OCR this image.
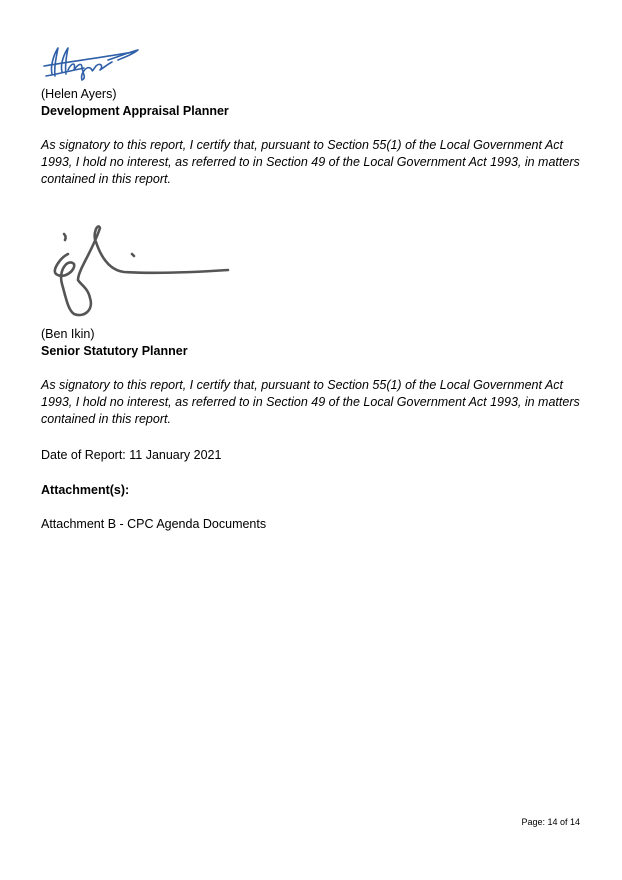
(Helen Ayers)
Development Appraisal Planner
As signatory to this report, I certify that, pursuant to Section 55(1) of the Local Government Act 1993, I hold no interest, as referred to in Section 49 of the Local Government Act 1993, in matters contained in this report.
(Ben Ikin)
Senior Statutory Planner
As signatory to this report, I certify that, pursuant to Section 55(1) of the Local Government Act 1993, I hold no interest, as referred to in Section 49 of the Local Government Act 1993, in matters contained in this report.
Date of Report: 11 January 2021
Attachment(s):
Attachment B - CPC Agenda Documents
Page: 14 of 14
